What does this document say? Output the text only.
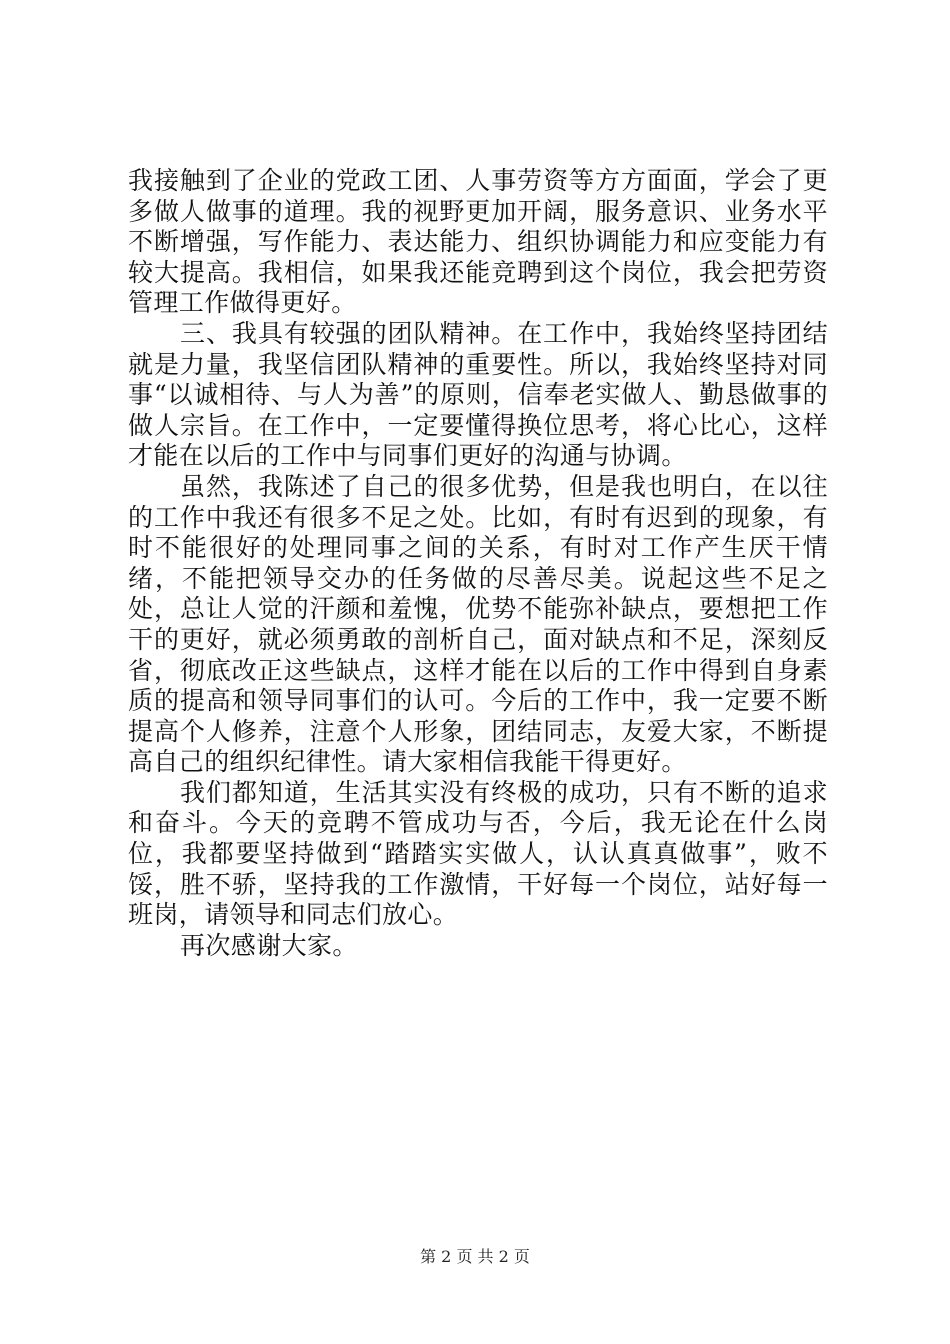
我接触到了企业的党政工团、人事劳资等方方面面，学会了更多做人做事的道理。我的视野更加开阔，服务意识、业务水平不断增强，写作能力、表达能力、组织协调能力和应变能力有较大提高。我相信，如果我还能竞聘到这个岗位，我会把劳资管理工作做得更好。

三、我具有较强的团队精神。在工作中，我始终坚持团结就是力量，我坚信团队精神的重要性。所以，我始终坚持对同事“以诚相待、与人为善”的原则，信奉老实做人、勤恳做事的做人宗旨。在工作中，一定要懂得换位思考，将心比心，这样才能在以后的工作中与同事们更好的沟通与协调。

虽然，我陈述了自己的很多优势，但是我也明白，在以往的工作中我还有很多不足之处。比如，有时有迟到的现象，有时不能很好的处理同事之间的关系，有时对工作产生厌干情绪，不能把领导交办的任务做的尽善尽美。说起这些不足之处，总让人觉的汗颜和羞愧，优势不能弥补缺点，要想把工作干的更好，就必须勇敢的剖析自己，面对缺点和不足，深刻反省，彻底改正这些缺点，这样才能在以后的工作中得到自身素质的提高和领导同事们的认可。今后的工作中，我一定要不断提高个人修养，注意个人形象，团结同志，友爱大家，不断提高自己的组织纪律性。请大家相信我能干得更好。

我们都知道，生活其实没有终极的成功，只有不断的追求和奋斗。今天的竞聘不管成功与否，今后，我无论在什么岗位，我都要坚持做到“踏踏实实做人，认认真真做事”，败不馁，胜不骄，坚持我的工作激情，干好每一个岗位，站好每一班岗，请领导和同志们放心。

再次感谢大家。

第 2 页 共 2 页
